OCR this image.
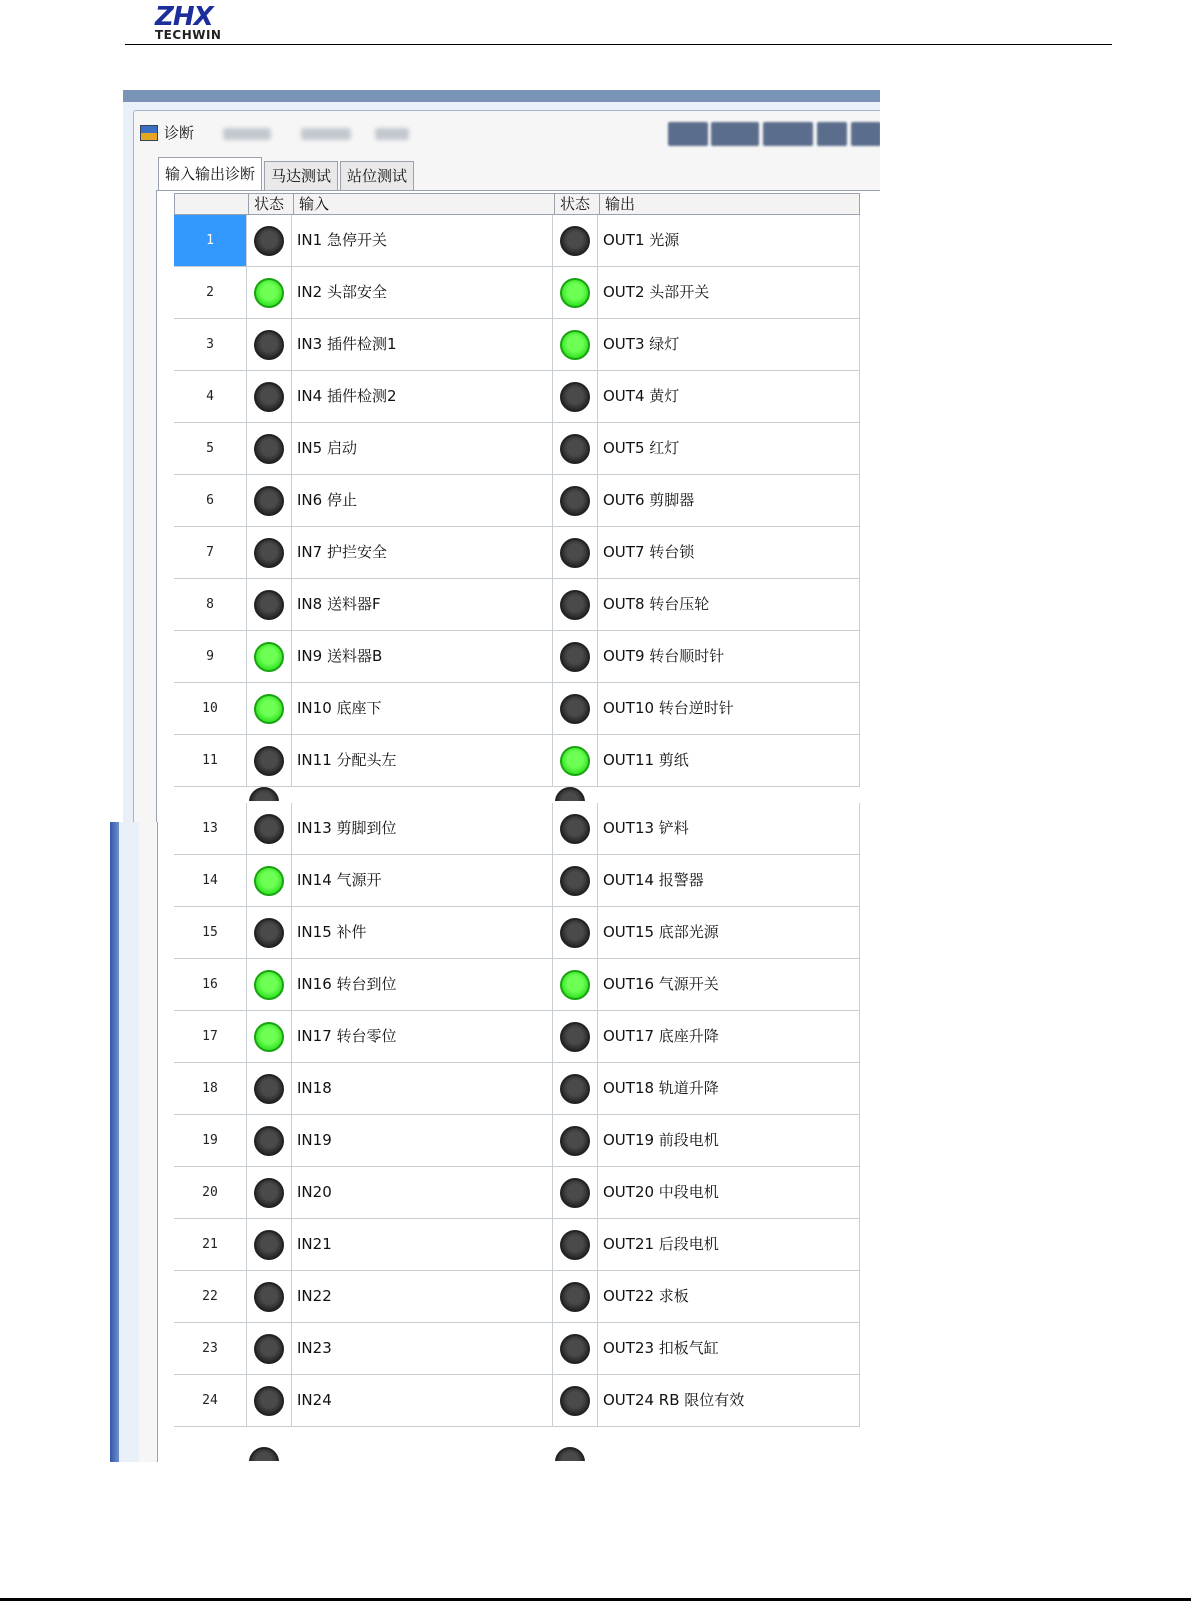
ZHX
TECHWIN

诊断
输入输出诊断	马达测试	站位测试
状态 输入	状态 输出
1	IN1 急停开关	OUT1 光源
2	IN2 头部安全	OUT2 头部开关
3	IN3 插件检测1	OUT3 绿灯
4	IN4 插件检测2	OUT4 黄灯
5	IN5 启动	OUT5 红灯
6	IN6 停止	OUT6 剪脚器
7	IN7 护拦安全	OUT7 转台锁
8	IN8 送料器F	OUT8 转台压轮
9	IN9 送料器B	OUT9 转台顺时针
10	IN10 底座下	OUT10 转台逆时针
11	IN11 分配头左	OUT11 剪纸
13	IN13 剪脚到位	OUT13 铲料
14	IN14 气源开	OUT14 报警器
15	IN15 补件	OUT15 底部光源
16	IN16 转台到位	OUT16 气源开关
17	IN17 转台零位	OUT17 底座升降
18	IN18	OUT18 轨道升降
19	IN19	OUT19 前段电机
20	IN20	OUT20 中段电机
21	IN21	OUT21 后段电机
22	IN22	OUT22 求板
23	IN23	OUT23 扣板气缸
24	IN24	OUT24 RB 限位有效
